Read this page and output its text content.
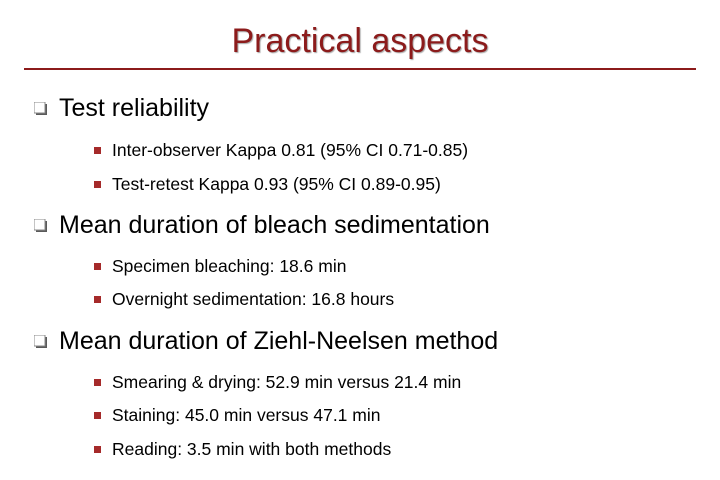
Practical aspects
Test reliability
Inter-observer Kappa 0.81 (95% CI 0.71-0.85)
Test-retest Kappa 0.93 (95% CI 0.89-0.95)
Mean duration of bleach sedimentation
Specimen bleaching: 18.6 min
Overnight sedimentation: 16.8 hours
Mean duration of Ziehl-Neelsen method
Smearing & drying: 52.9 min versus 21.4 min
Staining: 45.0 min versus 47.1 min
Reading: 3.5 min with both methods
